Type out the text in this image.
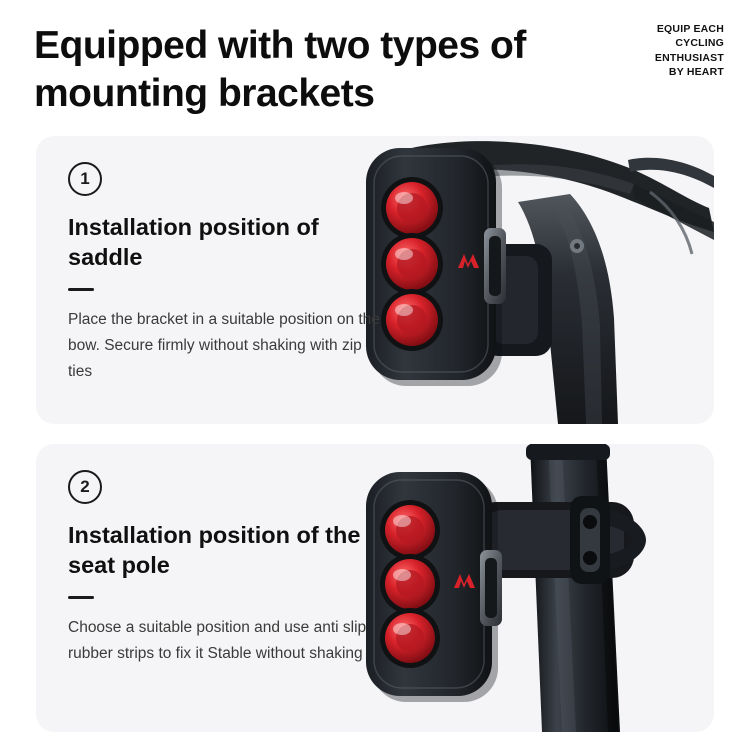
Equipped with two types of mounting brackets
EQUIP EACH
CYCLING
ENTHUSIAST
BY HEART
1
Installation position of saddle
Place the bracket in a suitable position on the bow. Secure firmly without shaking with zip ties
2
Installation position of the seat pole
Choose a suitable position and use anti slip rubber strips to fix it Stable without shaking
